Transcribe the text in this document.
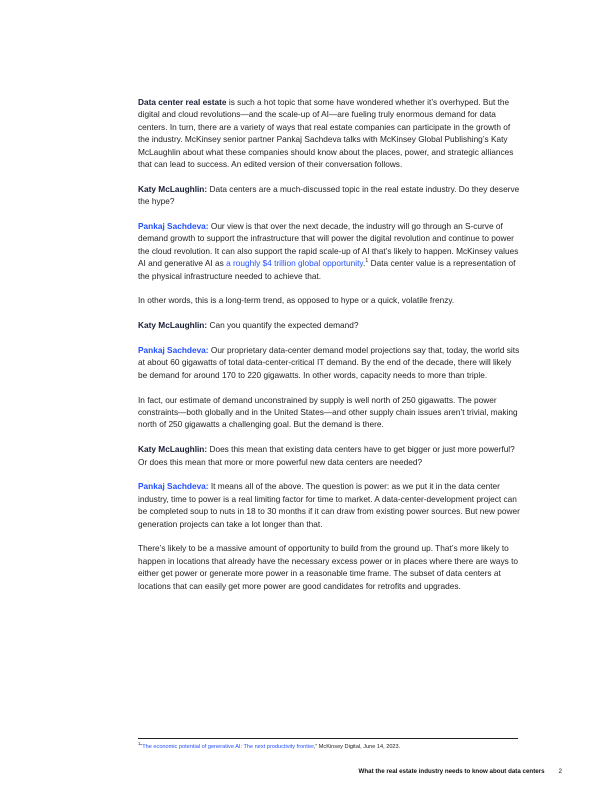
Data center real estate is such a hot topic that some have wondered whether it’s overhyped. But the digital and cloud revolutions—and the scale-up of AI—are fueling truly enormous demand for data centers. In turn, there are a variety of ways that real estate companies can participate in the growth of the industry. McKinsey senior partner Pankaj Sachdeva talks with McKinsey Global Publishing’s Katy McLaughlin about what these companies should know about the places, power, and strategic alliances that can lead to success. An edited version of their conversation follows.

Katy McLaughlin: Data centers are a much-discussed topic in the real estate industry. Do they deserve the hype?

Pankaj Sachdeva: Our view is that over the next decade, the industry will go through an S-curve of demand growth to support the infrastructure that will power the digital revolution and continue to power the cloud revolution. It can also support the rapid scale-up of AI that’s likely to happen. McKinsey values AI and generative AI as a roughly $4 trillion global opportunity.$^1$ Data center value is a representation of the physical infrastructure needed to achieve that.

In other words, this is a long-term trend, as opposed to hype or a quick, volatile frenzy.

Katy McLaughlin: Can you quantify the expected demand?

Pankaj Sachdeva: Our proprietary data-center demand model projections say that, today, the world sits at about 60 gigawatts of total data-center-critical IT demand. By the end of the decade, there will likely be demand for around 170 to 220 gigawatts. In other words, capacity needs to more than triple.

In fact, our estimate of demand unconstrained by supply is well north of 250 gigawatts. The power constraints—both globally and in the United States—and other supply chain issues aren’t trivial, making north of 250 gigawatts a challenging goal. But the demand is there.

Katy McLaughlin: Does this mean that existing data centers have to get bigger or just more powerful? Or does this mean that more or more powerful new data centers are needed?

Pankaj Sachdeva: It means all of the above. The question is power: as we put it in the data center industry, time to power is a real limiting factor for time to market. A data-center-development project can be completed soup to nuts in 18 to 30 months if it can draw from existing power sources. But new power generation projects can take a lot longer than that.

There’s likely to be a massive amount of opportunity to build from the ground up. That’s more likely to happen in locations that already have the necessary excess power or in places where there are ways to either get power or generate more power in a reasonable time frame. The subset of data centers at locations that can easily get more power are good candidates for retrofits and upgrades.

$^1$“The economic potential of generative AI: The next productivity frontier,” McKinsey Digital, June 14, 2023.
What the real estate industry needs to know about data centers 2
